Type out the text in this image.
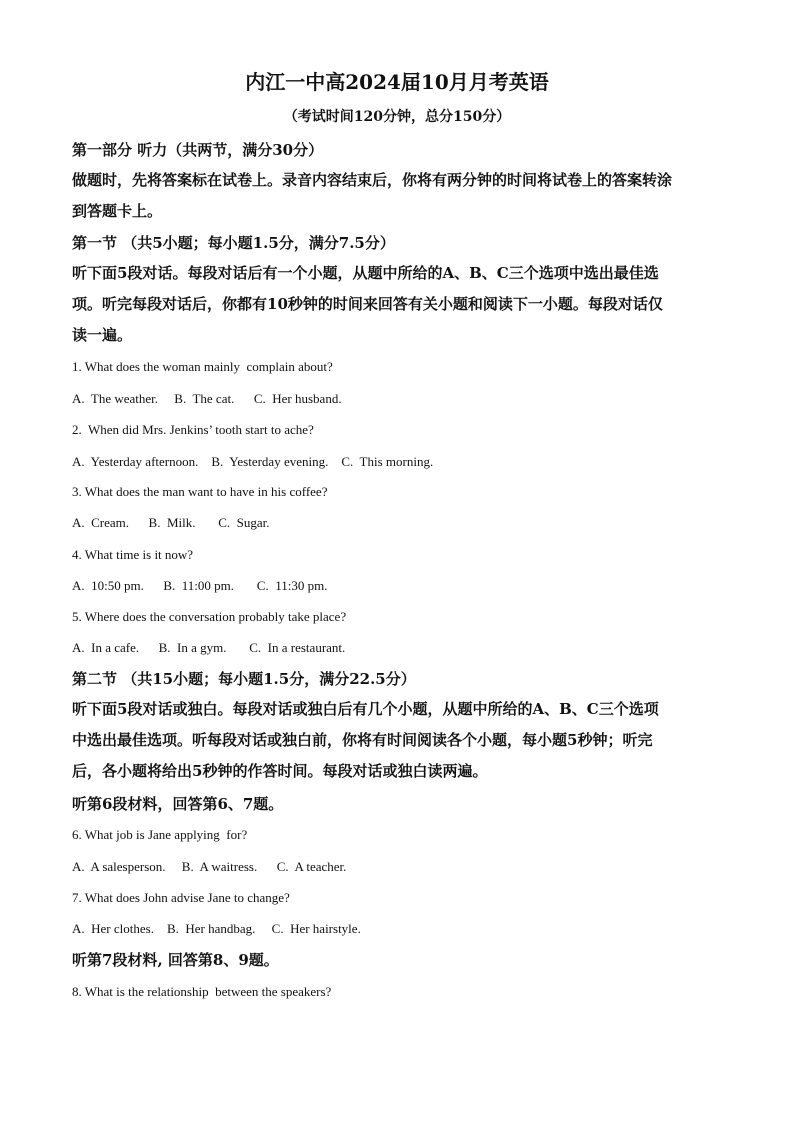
内江一中高2024届10月月考英语
（考试时间120分钟，总分150分）
第一部分 听力（共两节，满分30分）
做题时，先将答案标在试卷上。录音内容结束后，你将有两分钟的时间将试卷上的答案转涂
到答题卡上。
第一节 （共5小题；每小题1.5分，满分7.5分）
听下面5段对话。每段对话后有一个小题，从题中所给的A、B、C三个选项中选出最佳选
项。听完每段对话后，你都有10秒钟的时间来回答有关小题和阅读下一小题。每段对话仅
读一遍。
1. What does the woman mainly  complain about?
A.  The weather.     B.  The cat.      C.  Her husband.
2.  When did Mrs. Jenkins’ tooth start to ache?
A.  Yesterday afternoon.    B.  Yesterday evening.    C.  This morning.
3. What does the man want to have in his coffee?
A.  Cream.      B.  Milk.       C.  Sugar.
4. What time is it now?
A.  10:50 pm.      B.  11:00 pm.       C.  11:30 pm.
5. Where does the conversation probably take place?
A.  In a cafe.      B.  In a gym.       C.  In a restaurant.
第二节 （共15小题；每小题1.5分，满分22.5分）
听下面5段对话或独白。每段对话或独白后有几个小题，从题中所给的A、B、C三个选项
中选出最佳选项。听每段对话或独白前，你将有时间阅读各个小题，每小题5秒钟；听完
后，各小题将给出5秒钟的作答时间。每段对话或独白读两遍。
听第6段材料，回答第6、7题。
6. What job is Jane applying  for?
A.  A salesperson.     B.  A waitress.      C.  A teacher.
7. What does John advise Jane to change?
A.  Her clothes.    B.  Her handbag.     C.  Her hairstyle.
听第7段材料, 回答第8、9题。
8. What is the relationship  between the speakers?
